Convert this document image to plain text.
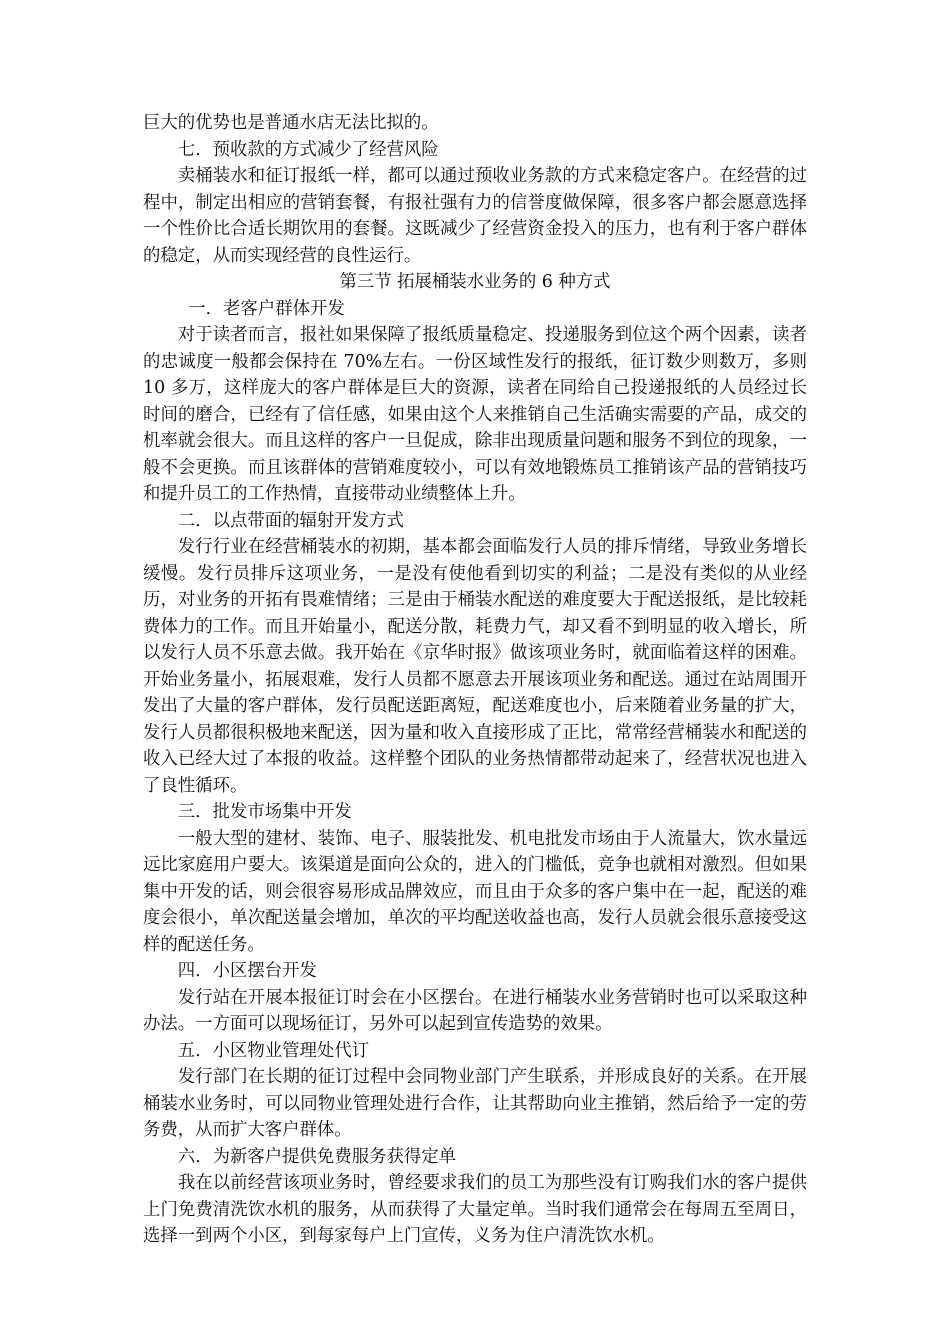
巨大的优势也是普通水店无法比拟的。

七．预收款的方式减少了经营风险

卖桶装水和征订报纸一样，都可以通过预收业务款的方式来稳定客户。在经营的过程中，制定出相应的营销套餐，有报社强有力的信誉度做保障，很多客户都会愿意选择一个性价比合适长期饮用的套餐。这既减少了经营资金投入的压力，也有利于客户群体的稳定，从而实现经营的良性运行。

第三节 拓展桶装水业务的 6 种方式

一．老客户群体开发

对于读者而言，报社如果保障了报纸质量稳定、投递服务到位这个两个因素，读者的忠诚度一般都会保持在 70%左右。一份区域性发行的报纸，征订数少则数万，多则 10 多万，这样庞大的客户群体是巨大的资源，读者在同给自己投递报纸的人员经过长时间的磨合，已经有了信任感，如果由这个人来推销自己生活确实需要的产品，成交的机率就会很大。而且这样的客户一旦促成，除非出现质量问题和服务不到位的现象，一般不会更换。而且该群体的营销难度较小，可以有效地锻炼员工推销该产品的营销技巧和提升员工的工作热情，直接带动业绩整体上升。

二．以点带面的辐射开发方式

发行行业在经营桶装水的初期，基本都会面临发行人员的排斥情绪，导致业务增长缓慢。发行员排斥这项业务，一是没有使他看到切实的利益；二是没有类似的从业经历，对业务的开拓有畏难情绪；三是由于桶装水配送的难度要大于配送报纸，是比较耗费体力的工作。而且开始量小，配送分散，耗费力气，却又看不到明显的收入增长，所以发行人员不乐意去做。我开始在《京华时报》做该项业务时，就面临着这样的困难。开始业务量小，拓展艰难，发行人员都不愿意去开展该项业务和配送。通过在站周围开发出了大量的客户群体，发行员配送距离短，配送难度也小，后来随着业务量的扩大，发行人员都很积极地来配送，因为量和收入直接形成了正比，常常经营桶装水和配送的收入已经大过了本报的收益。这样整个团队的业务热情都带动起来了，经营状况也进入了良性循环。

三．批发市场集中开发

一般大型的建材、装饰、电子、服装批发、机电批发市场由于人流量大，饮水量远远比家庭用户要大。该渠道是面向公众的，进入的门槛低，竞争也就相对激烈。但如果集中开发的话，则会很容易形成品牌效应，而且由于众多的客户集中在一起，配送的难度会很小，单次配送量会增加，单次的平均配送收益也高，发行人员就会很乐意接受这样的配送任务。

四．小区摆台开发

发行站在开展本报征订时会在小区摆台。在进行桶装水业务营销时也可以采取这种办法。一方面可以现场征订，另外可以起到宣传造势的效果。

五．小区物业管理处代订

发行部门在长期的征订过程中会同物业部门产生联系，并形成良好的关系。在开展桶装水业务时，可以同物业管理处进行合作，让其帮助向业主推销，然后给予一定的劳务费，从而扩大客户群体。

六．为新客户提供免费服务获得定单

我在以前经营该项业务时，曾经要求我们的员工为那些没有订购我们水的客户提供上门免费清洗饮水机的服务，从而获得了大量定单。当时我们通常会在每周五至周日，选择一到两个小区，到每家每户上门宣传，义务为住户清洗饮水机。
